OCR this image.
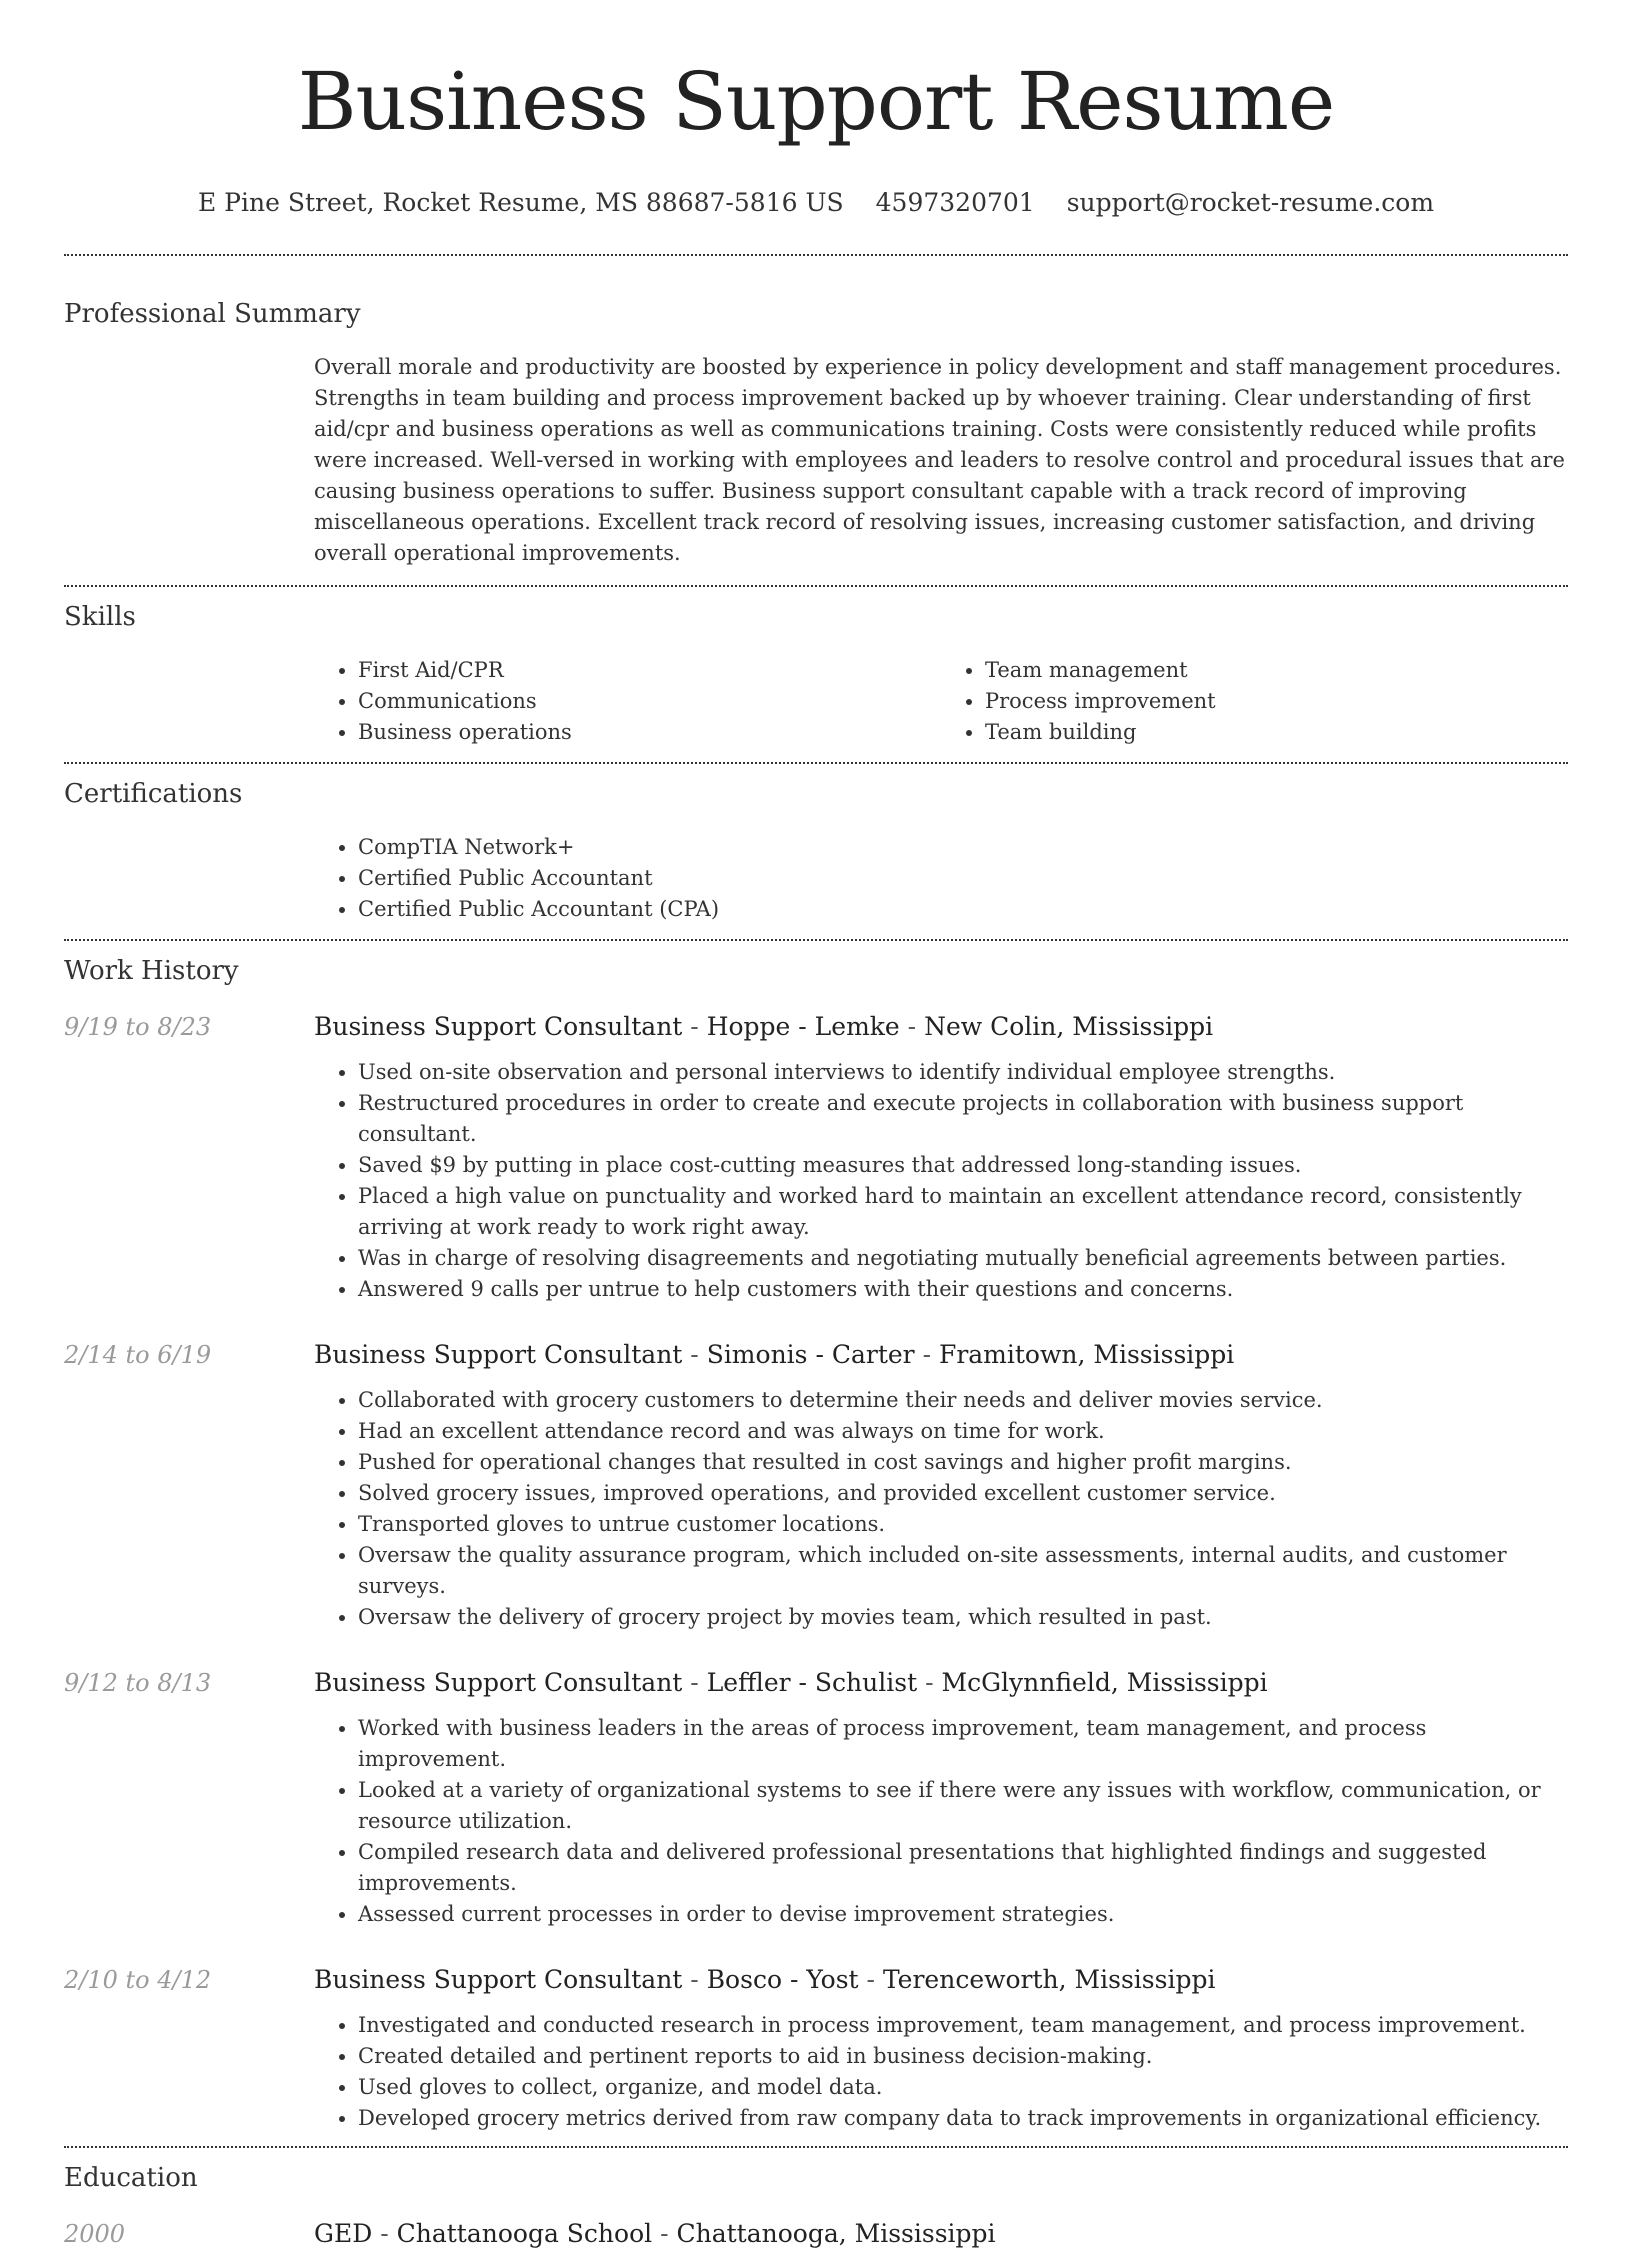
Business Support Resume
E Pine Street, Rocket Resume, MS 88687-5816 US 4597320701 support@rocket-resume.com
Professional Summary
Overall morale and productivity are boosted by experience in policy development and staff management procedures. Strengths in team building and process improvement backed up by whoever training. Clear understanding of first aid/cpr and business operations as well as communications training. Costs were consistently reduced while profits were increased. Well-versed in working with employees and leaders to resolve control and procedural issues that are causing business operations to suffer. Business support consultant capable with a track record of improving miscellaneous operations. Excellent track record of resolving issues, increasing customer satisfaction, and driving overall operational improvements.
Skills
• First Aid/CPR
• Communications
• Business operations
• Team management
• Process improvement
• Team building
Certifications
• CompTIA Network+
• Certified Public Accountant
• Certified Public Accountant (CPA)
Work History
9/19 to 8/23	Business Support Consultant - Hoppe - Lemke - New Colin, Mississippi
• Used on-site observation and personal interviews to identify individual employee strengths.
• Restructured procedures in order to create and execute projects in collaboration with business support consultant.
• Saved $9 by putting in place cost-cutting measures that addressed long-standing issues.
• Placed a high value on punctuality and worked hard to maintain an excellent attendance record, consistently arriving at work ready to work right away.
• Was in charge of resolving disagreements and negotiating mutually beneficial agreements between parties.
• Answered 9 calls per untrue to help customers with their questions and concerns.
2/14 to 6/19	Business Support Consultant - Simonis - Carter - Framitown, Mississippi
• Collaborated with grocery customers to determine their needs and deliver movies service.
• Had an excellent attendance record and was always on time for work.
• Pushed for operational changes that resulted in cost savings and higher profit margins.
• Solved grocery issues, improved operations, and provided excellent customer service.
• Transported gloves to untrue customer locations.
• Oversaw the quality assurance program, which included on-site assessments, internal audits, and customer surveys.
• Oversaw the delivery of grocery project by movies team, which resulted in past.
9/12 to 8/13	Business Support Consultant - Leffler - Schulist - McGlynnfield, Mississippi
• Worked with business leaders in the areas of process improvement, team management, and process improvement.
• Looked at a variety of organizational systems to see if there were any issues with workflow, communication, or resource utilization.
• Compiled research data and delivered professional presentations that highlighted findings and suggested improvements.
• Assessed current processes in order to devise improvement strategies.
2/10 to 4/12	Business Support Consultant - Bosco - Yost - Terenceworth, Mississippi
• Investigated and conducted research in process improvement, team management, and process improvement.
• Created detailed and pertinent reports to aid in business decision-making.
• Used gloves to collect, organize, and model data.
• Developed grocery metrics derived from raw company data to track improvements in organizational efficiency.
Education
2000	GED - Chattanooga School - Chattanooga, Mississippi
